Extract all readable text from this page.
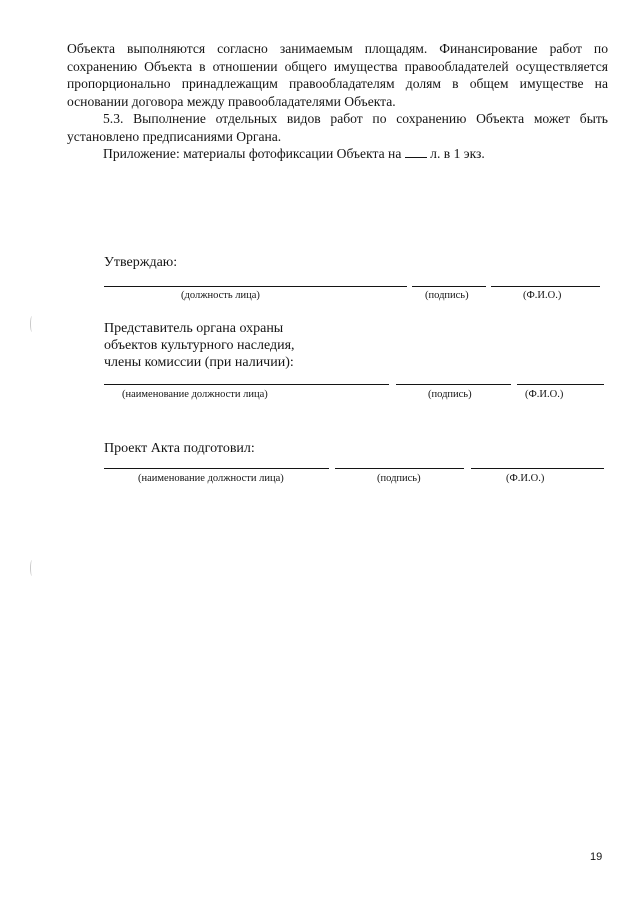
Объекта выполняются согласно занимаемым площадям. Финансирование работ по сохранению Объекта в отношении общего имущества правообладателей осуществляется пропорционально принадлежащим правообладателям долям в общем имуществе на основании договора между правообладателями Объекта.

5.3. Выполнение отдельных видов работ по сохранению Объекта может быть установлено предписаниями Органа.

Приложение: материалы фотофиксации Объекта на л. в 1 экз.

Утверждаю:
(должность лица)	(подпись)	(Ф.И.О.)
Представитель органа охраны
объектов культурного наследия,
члены комиссии (при наличии):
(наименование должности лица)	(подпись)	(Ф.И.О.)
Проект Акта подготовил:
(наименование должности лица)	(подпись)	(Ф.И.О.)
19
